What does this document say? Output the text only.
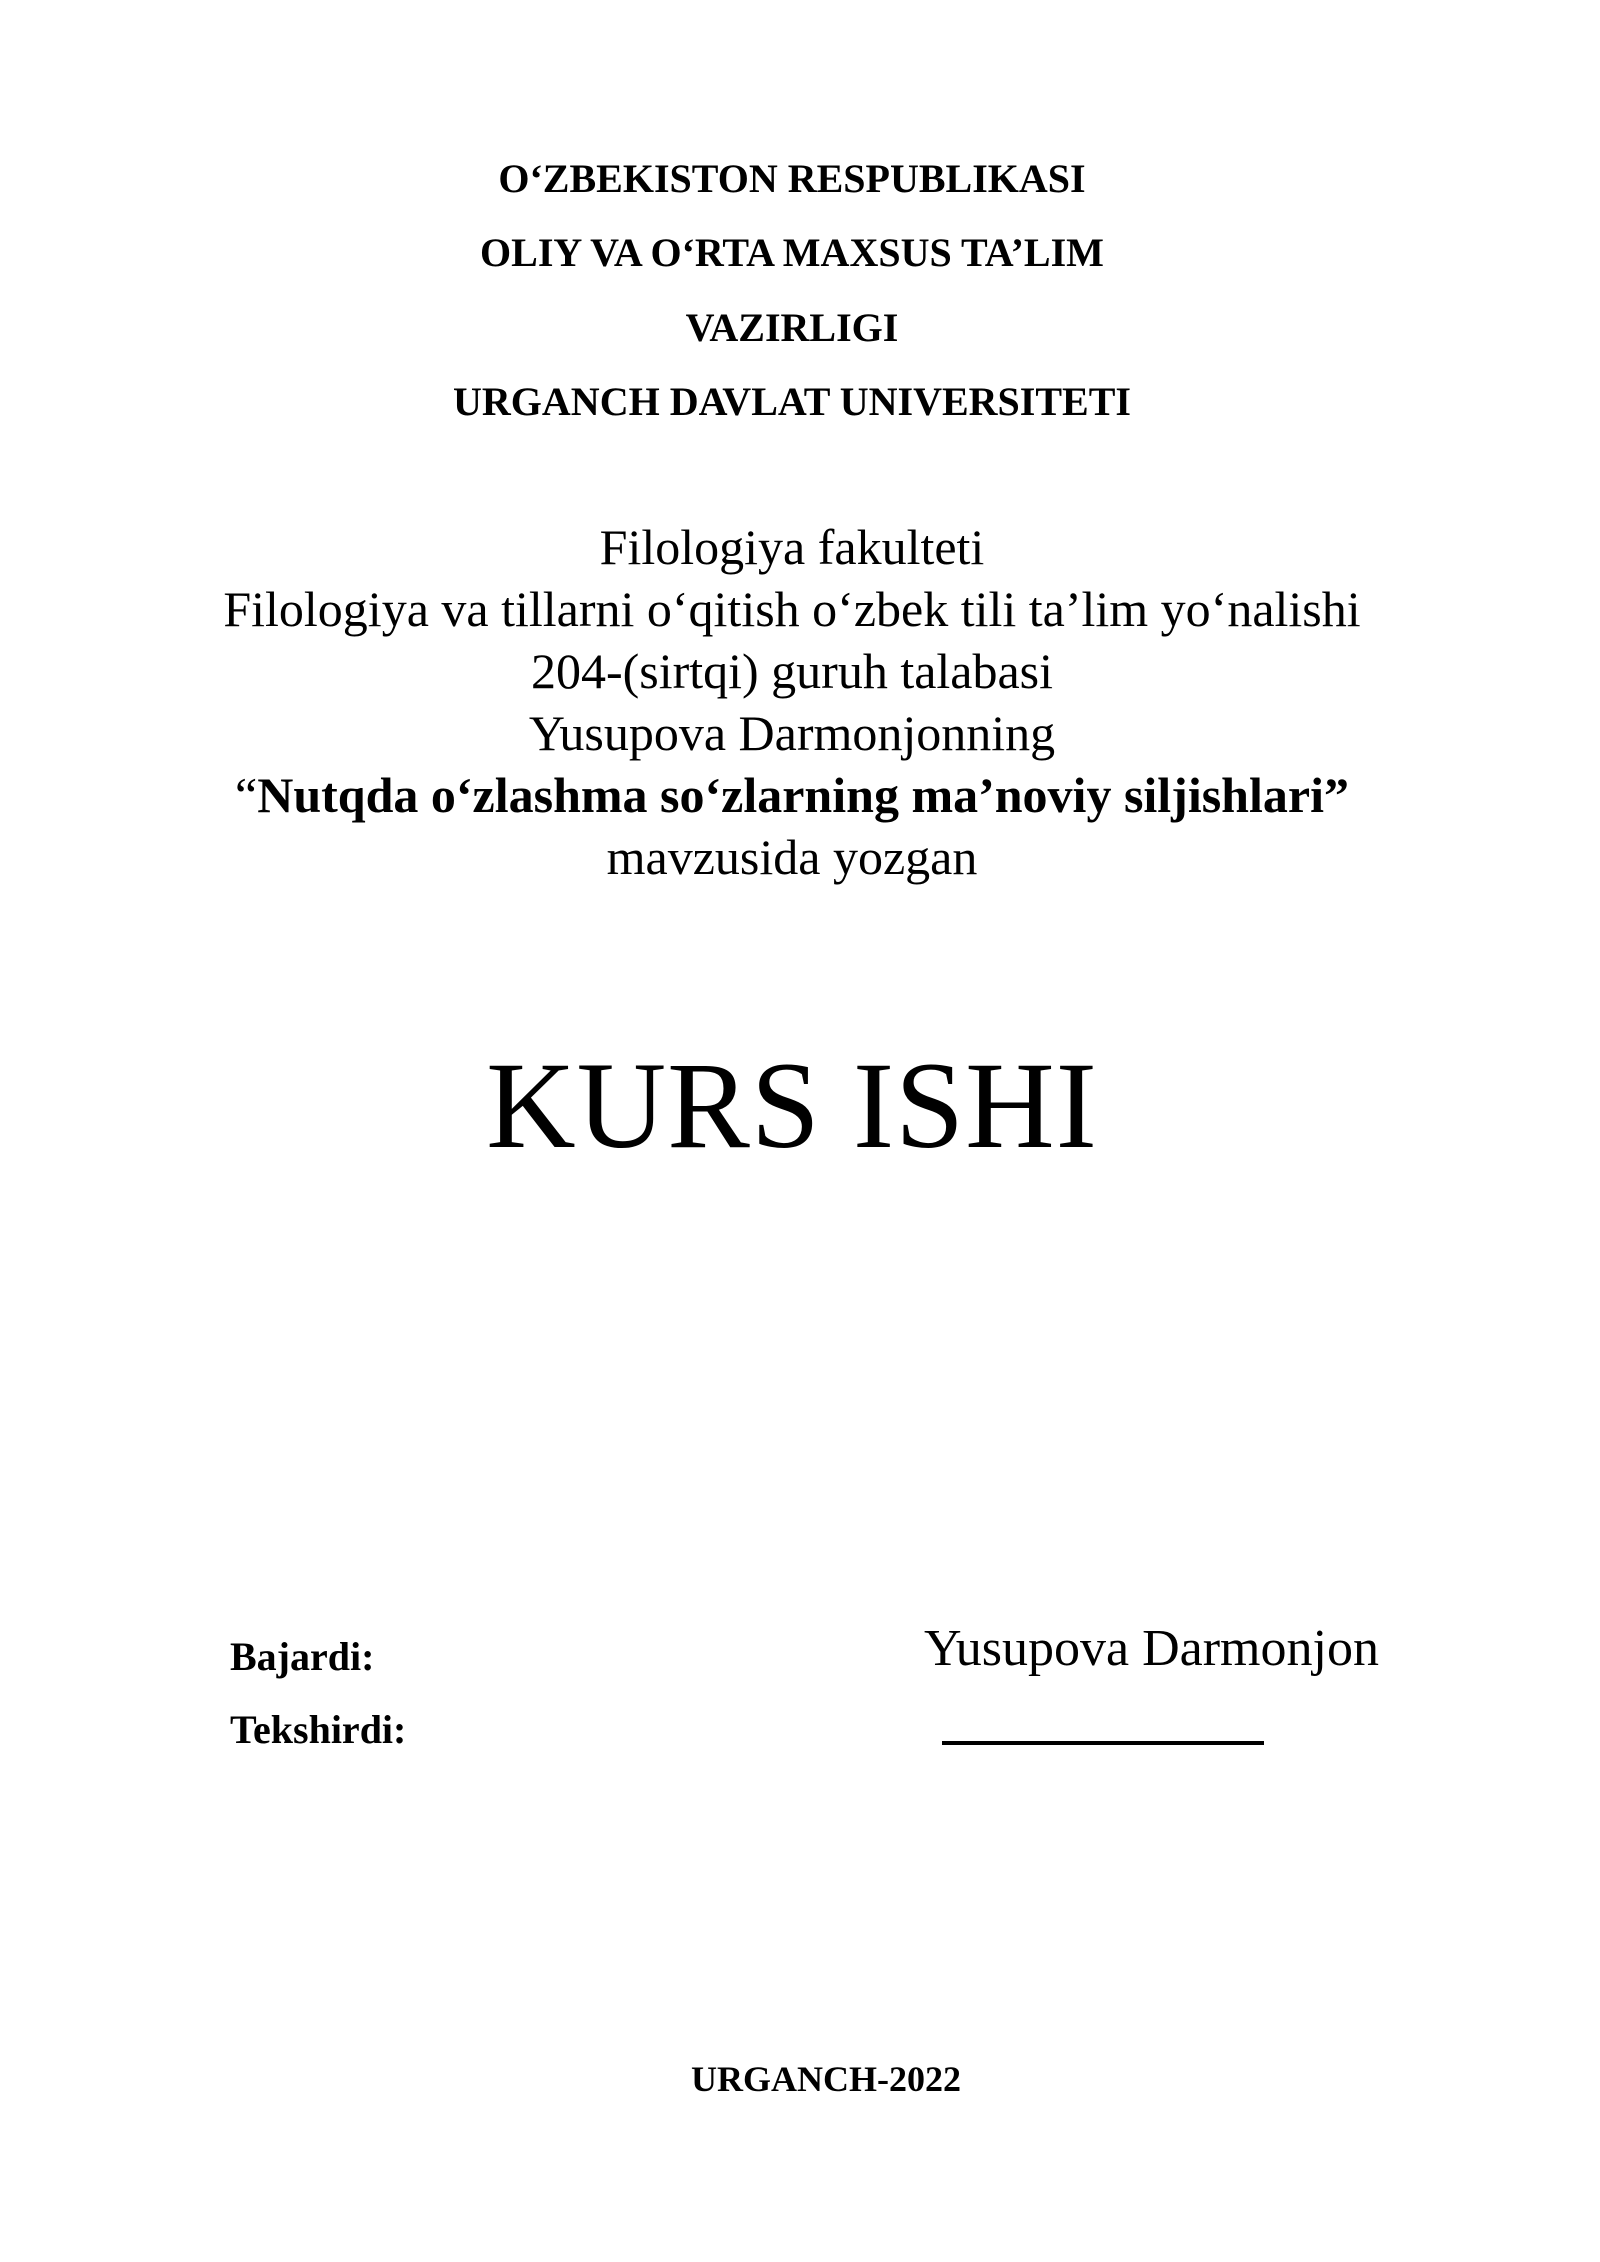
O‘ZBEKISTON RESPUBLIKASI
OLIY VA O‘RTA MAXSUS TA’LIM
VAZIRLIGI
URGANCH DAVLAT UNIVERSITETI
Filologiya fakulteti
Filologiya va tillarni o‘qitish o‘zbek tili ta’lim yo‘nalishi
204-(sirtqi) guruh talabasi
Yusupova Darmonjonning
“Nutqda o‘zlashma so‘zlarning ma’noviy siljishlari”
mavzusida yozgan
KURS ISHI
Bajardi:	Yusupova Darmonjon
Tekshirdi:
URGANCH-2022
